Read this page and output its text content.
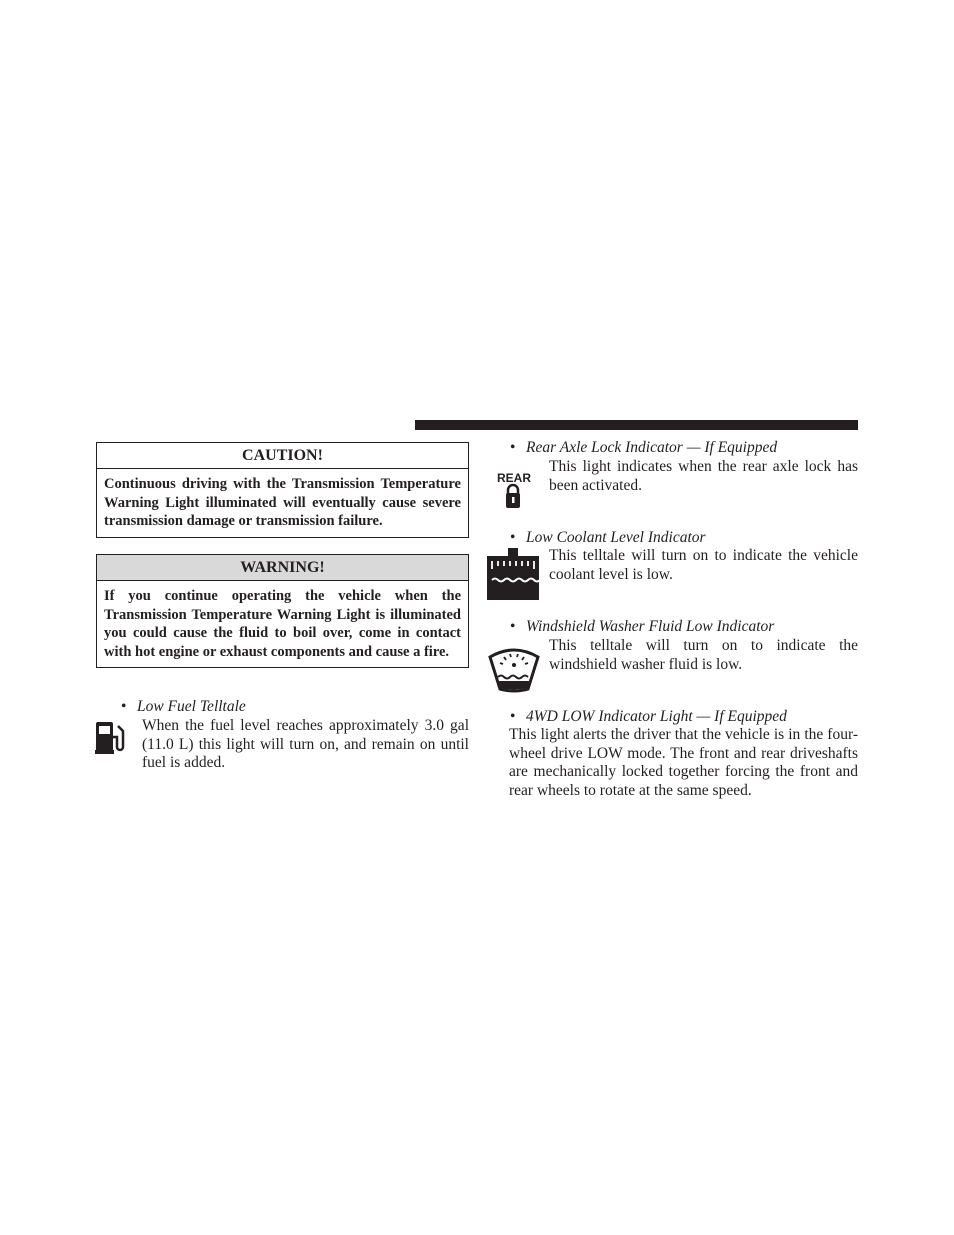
CAUTION!
Continuous driving with the Transmission Temperature Warning Light illuminated will eventually cause severe transmission damage or transmission failure.
WARNING!
If you continue operating the vehicle when the Transmission Temperature Warning Light is illuminated you could cause the fluid to boil over, come in contact with hot engine or exhaust components and cause a fire.
• Low Fuel Telltale
When the fuel level reaches approximately 3.0 gal (11.0 L) this light will turn on, and remain on until fuel is added.
• Rear Axle Lock Indicator — If Equipped
REAR
This light indicates when the rear axle lock has been activated.
• Low Coolant Level Indicator
This telltale will turn on to indicate the vehicle coolant level is low.
• Windshield Washer Fluid Low Indicator
This telltale will turn on to indicate the windshield washer fluid is low.
• 4WD LOW Indicator Light — If Equipped
This light alerts the driver that the vehicle is in the four-wheel drive LOW mode. The front and rear driveshafts are mechanically locked together forcing the front and rear wheels to rotate at the same speed.
